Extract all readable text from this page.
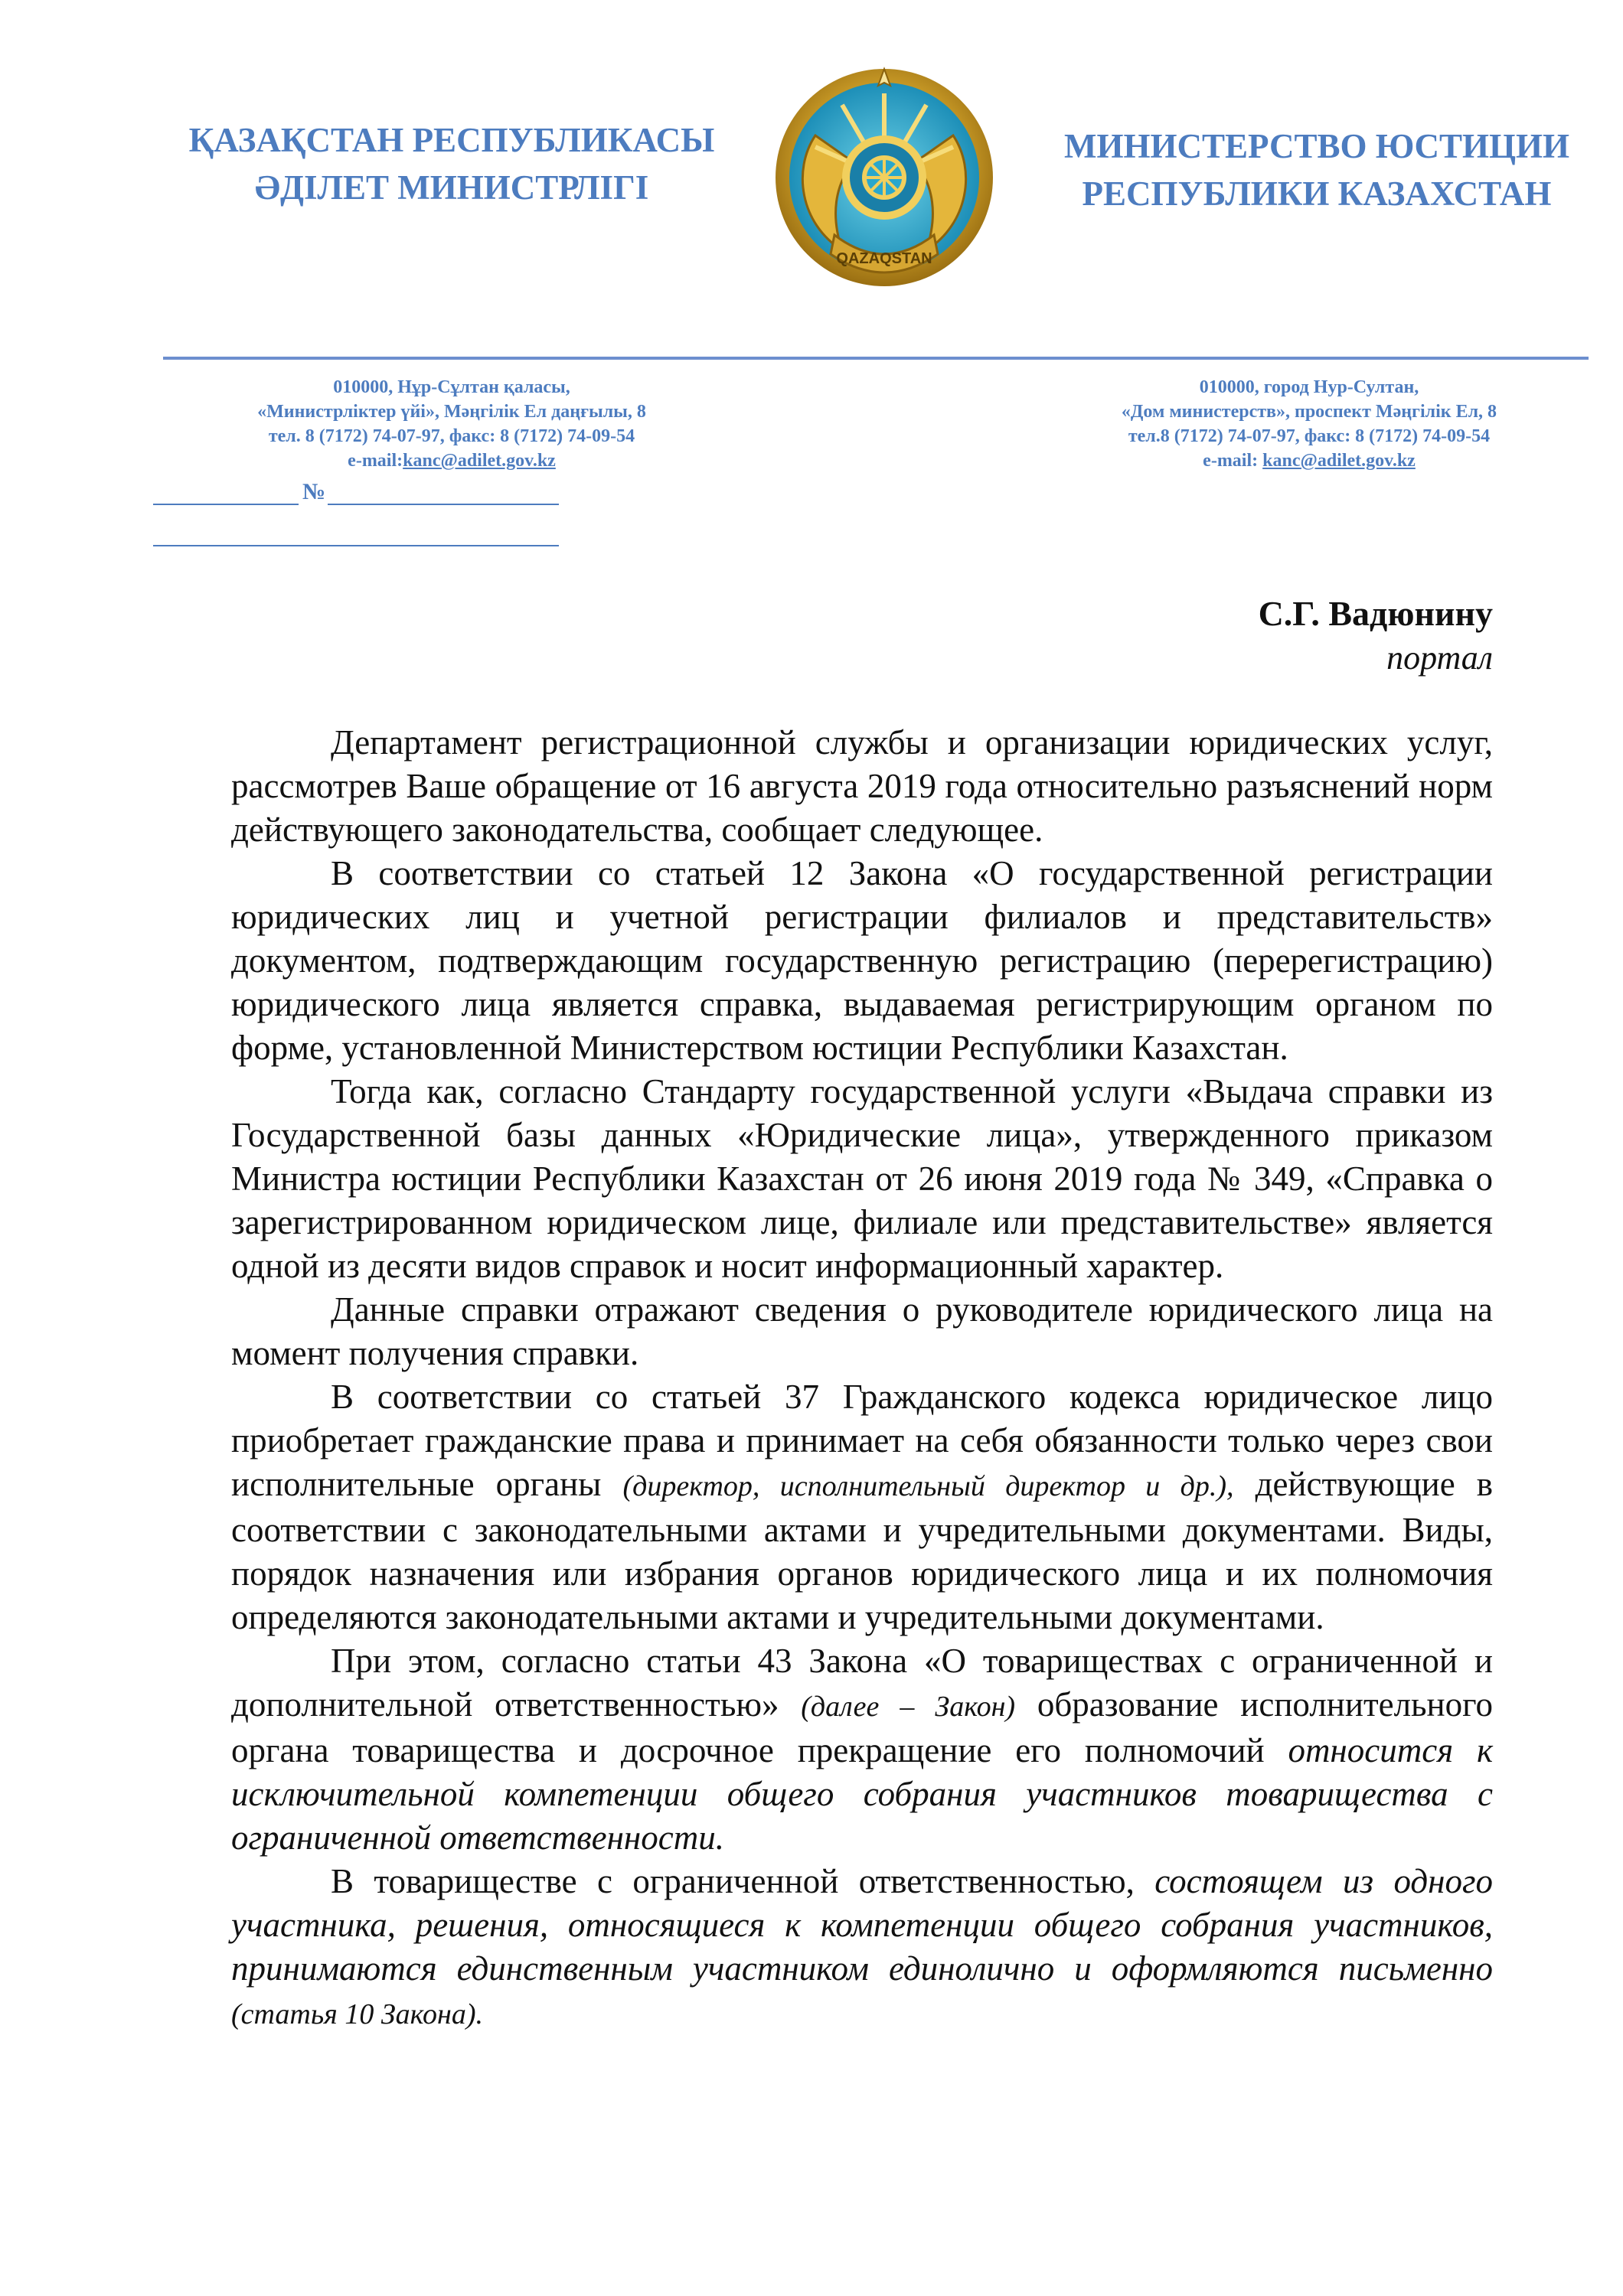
ҚАЗАҚСТАН РЕСПУБЛИКАСЫ
ӘДІЛЕТ МИНИСТРЛІГІ
QAZAQSTAN
МИНИСТЕРСТВО ЮСТИЦИИ
РЕСПУБЛИКИ КАЗАХСТАН
010000, Нұр-Сұлтан қаласы,
«Министрліктер үйі», Мәңгілік Ел даңғылы, 8
тел. 8 (7172) 74-07-97, факс: 8 (7172) 74-09-54
e-mail:kanc@adilet.gov.kz
010000, город Нур-Султан,
«Дом министерств», проспект Мәңгілік Ел, 8
тел.8 (7172) 74-07-97, факс: 8 (7172) 74-09-54
e-mail: kanc@adilet.gov.kz
№
С.Г. Вадюнину
портал

Департамент регистрационной службы и организации юридических услуг, рассмотрев Ваше обращение от 16 августа 2019 года относительно разъяснений норм действующего законодательства, сообщает следующее.

В соответствии со статьей 12 Закона «О государственной регистрации юридических лиц и учетной регистрации филиалов и представительств» документом, подтверждающим государственную регистрацию (перерегистрацию) юридического лица является справка, выдаваемая регистрирующим органом по форме, установленной Министерством юстиции Республики Казахстан.

Тогда как, согласно Стандарту государственной услуги «Выдача справки из Государственной базы данных «Юридические лица», утвержденного приказом Министра юстиции Республики Казахстан от 26 июня 2019 года № 349, «Справка о зарегистрированном юридическом лице, филиале или представительстве» является одной из десяти видов справок и носит информационный характер.

Данные справки отражают сведения о руководителе юридического лица на момент получения справки.

В соответствии со статьей 37 Гражданского кодекса юридическое лицо приобретает гражданские права и принимает на себя обязанности только через свои исполнительные органы (директор, исполнительный директор и др.), действующие в соответствии с законодательными актами и учредительными документами. Виды, порядок назначения или избрания органов юридического лица и их полномочия определяются законодательными актами и учредительными документами.

При этом, согласно статьи 43 Закона «О товариществах с ограниченной и дополнительной ответственностью» (далее – Закон) образование исполнительного органа товарищества и досрочное прекращение его полномочий относится к исключительной компетенции общего собрания участников товарищества с ограниченной ответственности.

В товариществе с ограниченной ответственностью, состоящем из одного участника, решения, относящиеся к компетенции общего собрания участников, принимаются единственным участником единолично и оформляются письменно (статья 10 Закона).
